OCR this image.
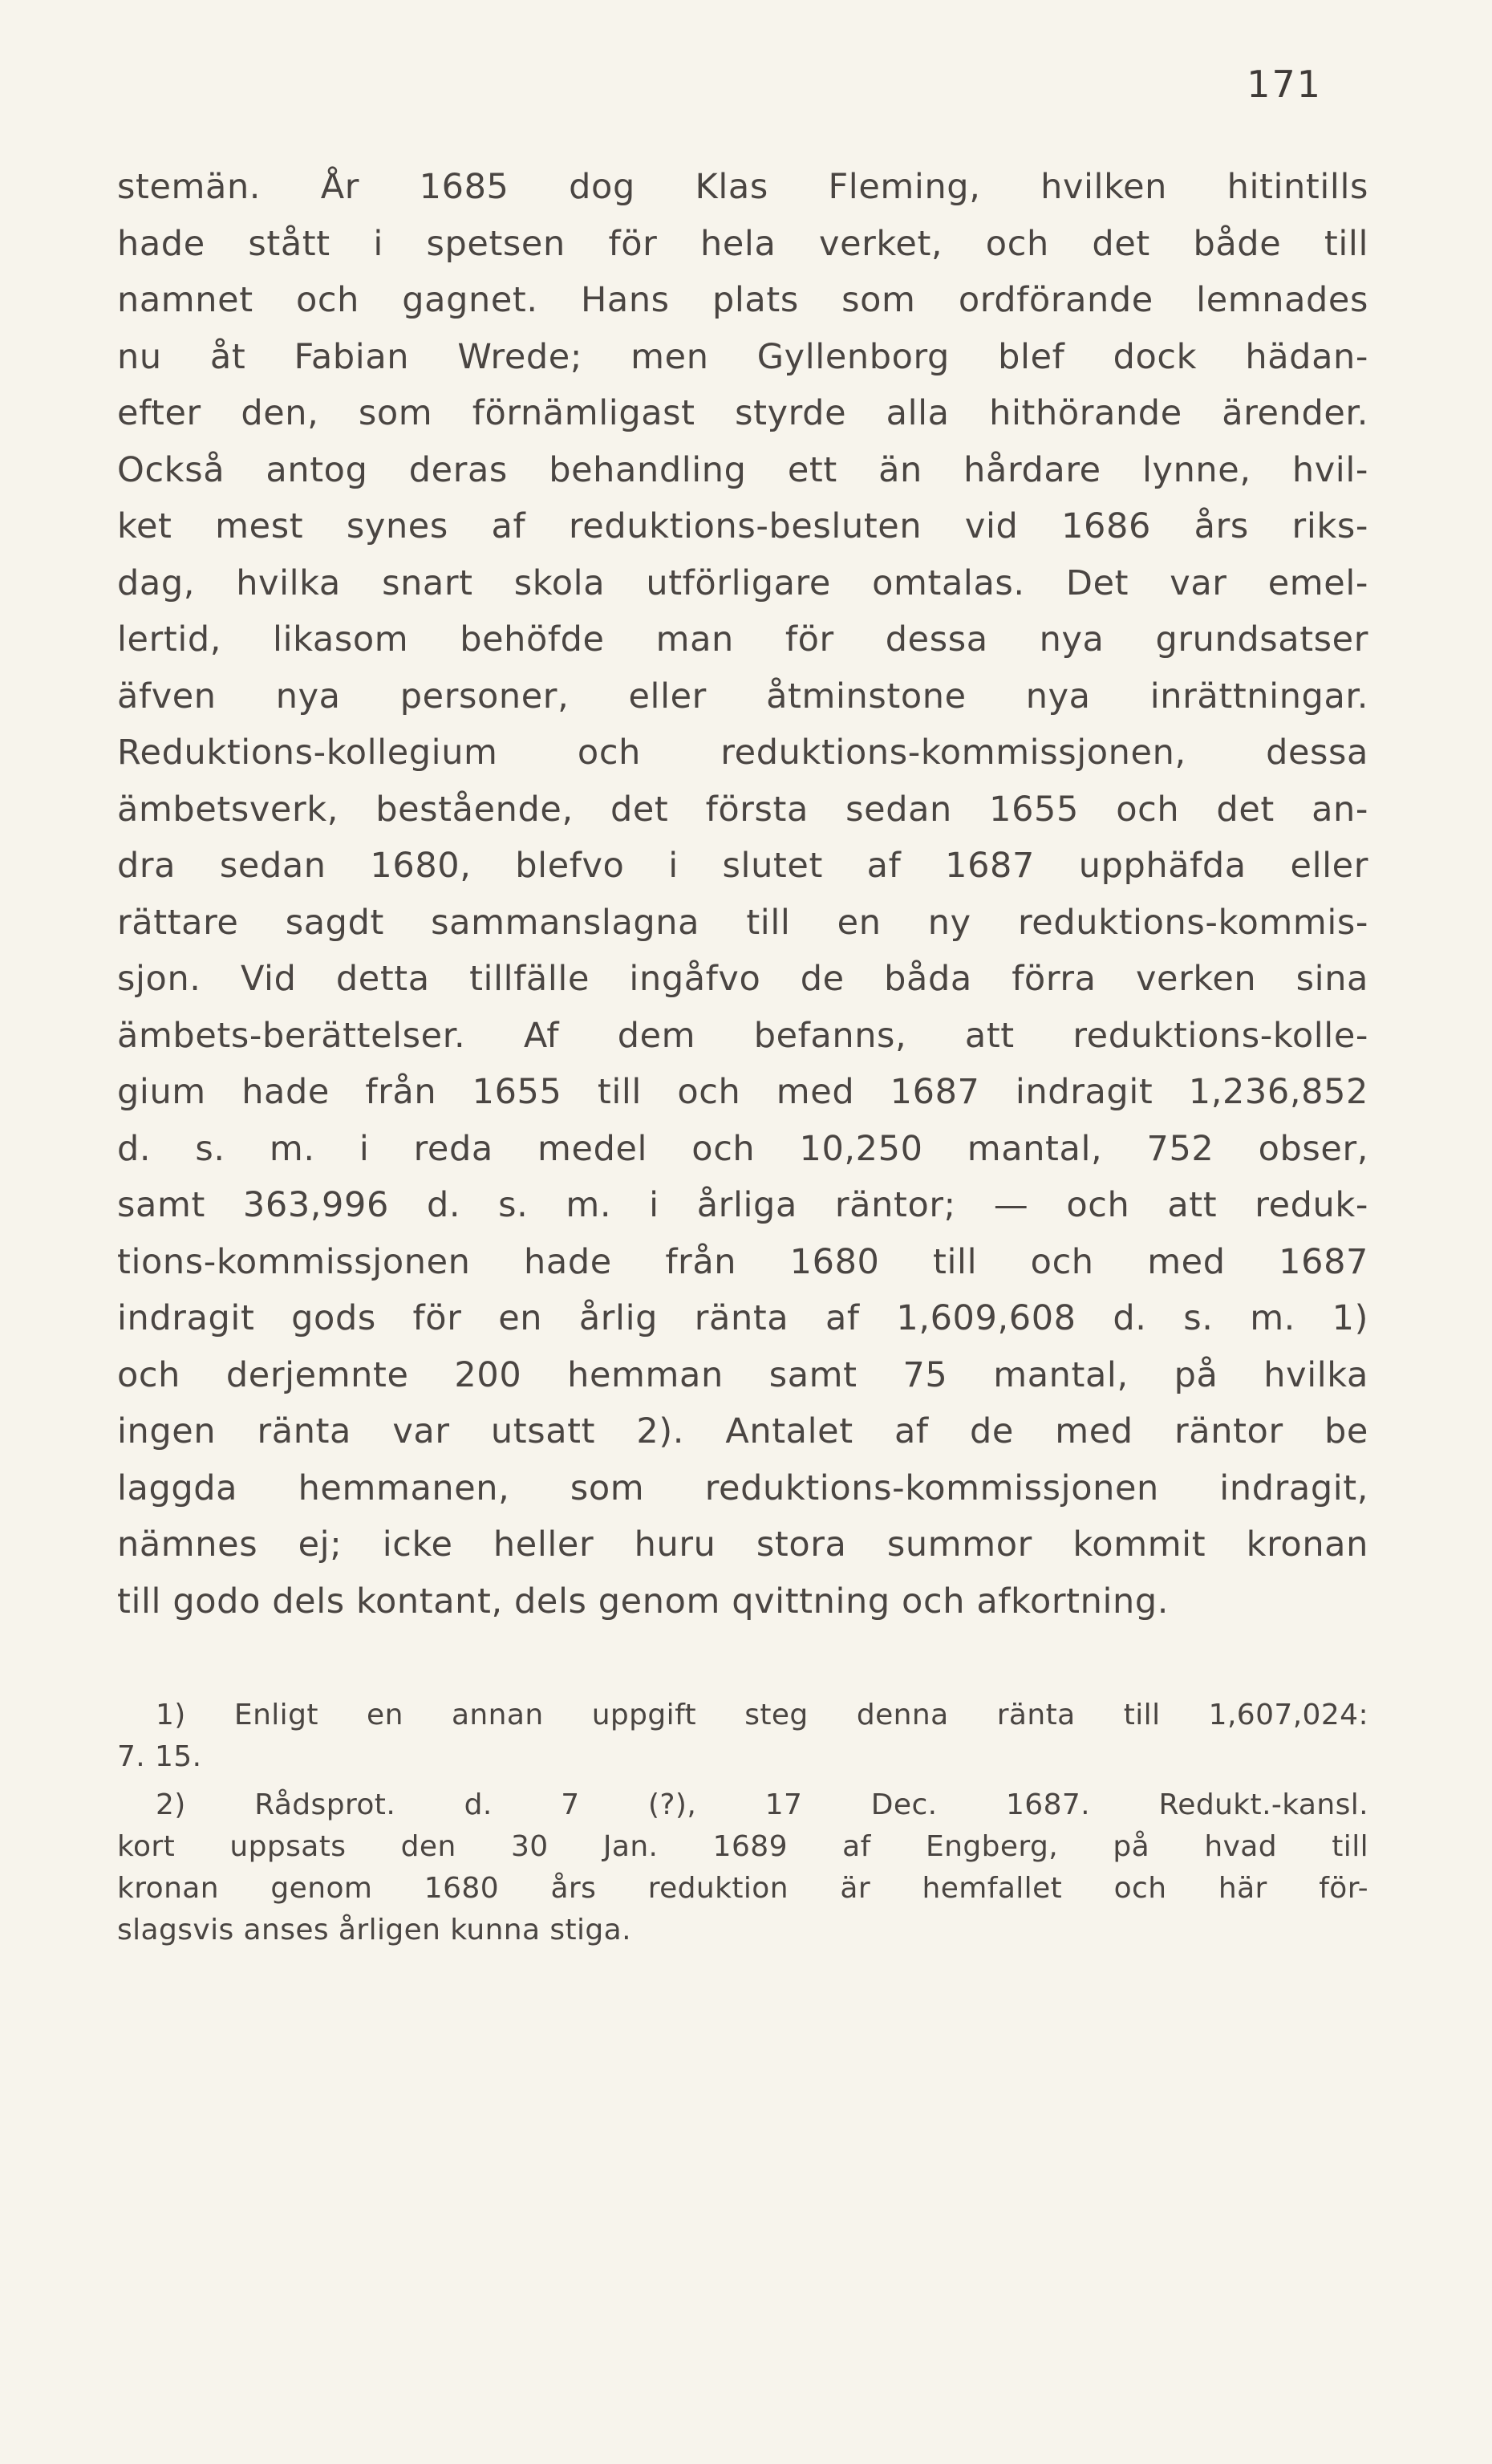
171
stemän. År 1685 dog Klas Fleming, hvilken hitintills
hade stått i spetsen för hela verket, och det både till
namnet och gagnet. Hans plats som ordförande lemnades
nu åt Fabian Wrede; men Gyllenborg blef dock hädan-
efter den, som förnämligast styrde alla hithörande ärender.
Också antog deras behandling ett än hårdare lynne, hvil-
ket mest synes af reduktions-besluten vid 1686 års riks-
dag, hvilka snart skola utförligare omtalas. Det var emel-
lertid, likasom behöfde man för dessa nya grundsatser
äfven nya personer, eller åtminstone nya inrättningar.
Reduktions-kollegium och reduktions-kommissjonen, dessa
ämbetsverk, bestående, det första sedan 1655 och det an-
dra sedan 1680, blefvo i slutet af 1687 upphäfda eller
rättare sagdt sammanslagna till en ny reduktions-kommis-
sjon. Vid detta tillfälle ingåfvo de båda förra verken sina
ämbets-berättelser. Af dem befanns, att reduktions-kolle-
gium hade från 1655 till och med 1687 indragit 1,236,852
d. s. m. i reda medel och 10,250 mantal, 752 obser,
samt 363,996 d. s. m. i årliga räntor; — och att reduk-
tions-kommissjonen hade från 1680 till och med 1687
indragit gods för en årlig ränta af 1,609,608 d. s. m. 1)
och derjemnte 200 hemman samt 75 mantal, på hvilka
ingen ränta var utsatt 2). Antalet af de med räntor be
laggda hemmanen, som reduktions-kommissjonen indragit,
nämnes ej; icke heller huru stora summor kommit kronan
till godo dels kontant, dels genom qvittning och afkortning.
1) Enligt en annan uppgift steg denna ränta till 1,607,024:
7. 15.
2) Rådsprot. d. 7 (?), 17 Dec. 1687. Redukt.-kansl.
kort uppsats den 30 Jan. 1689 af Engberg, på hvad till
kronan genom 1680 års reduktion är hemfallet och här för-
slagsvis anses årligen kunna stiga.
